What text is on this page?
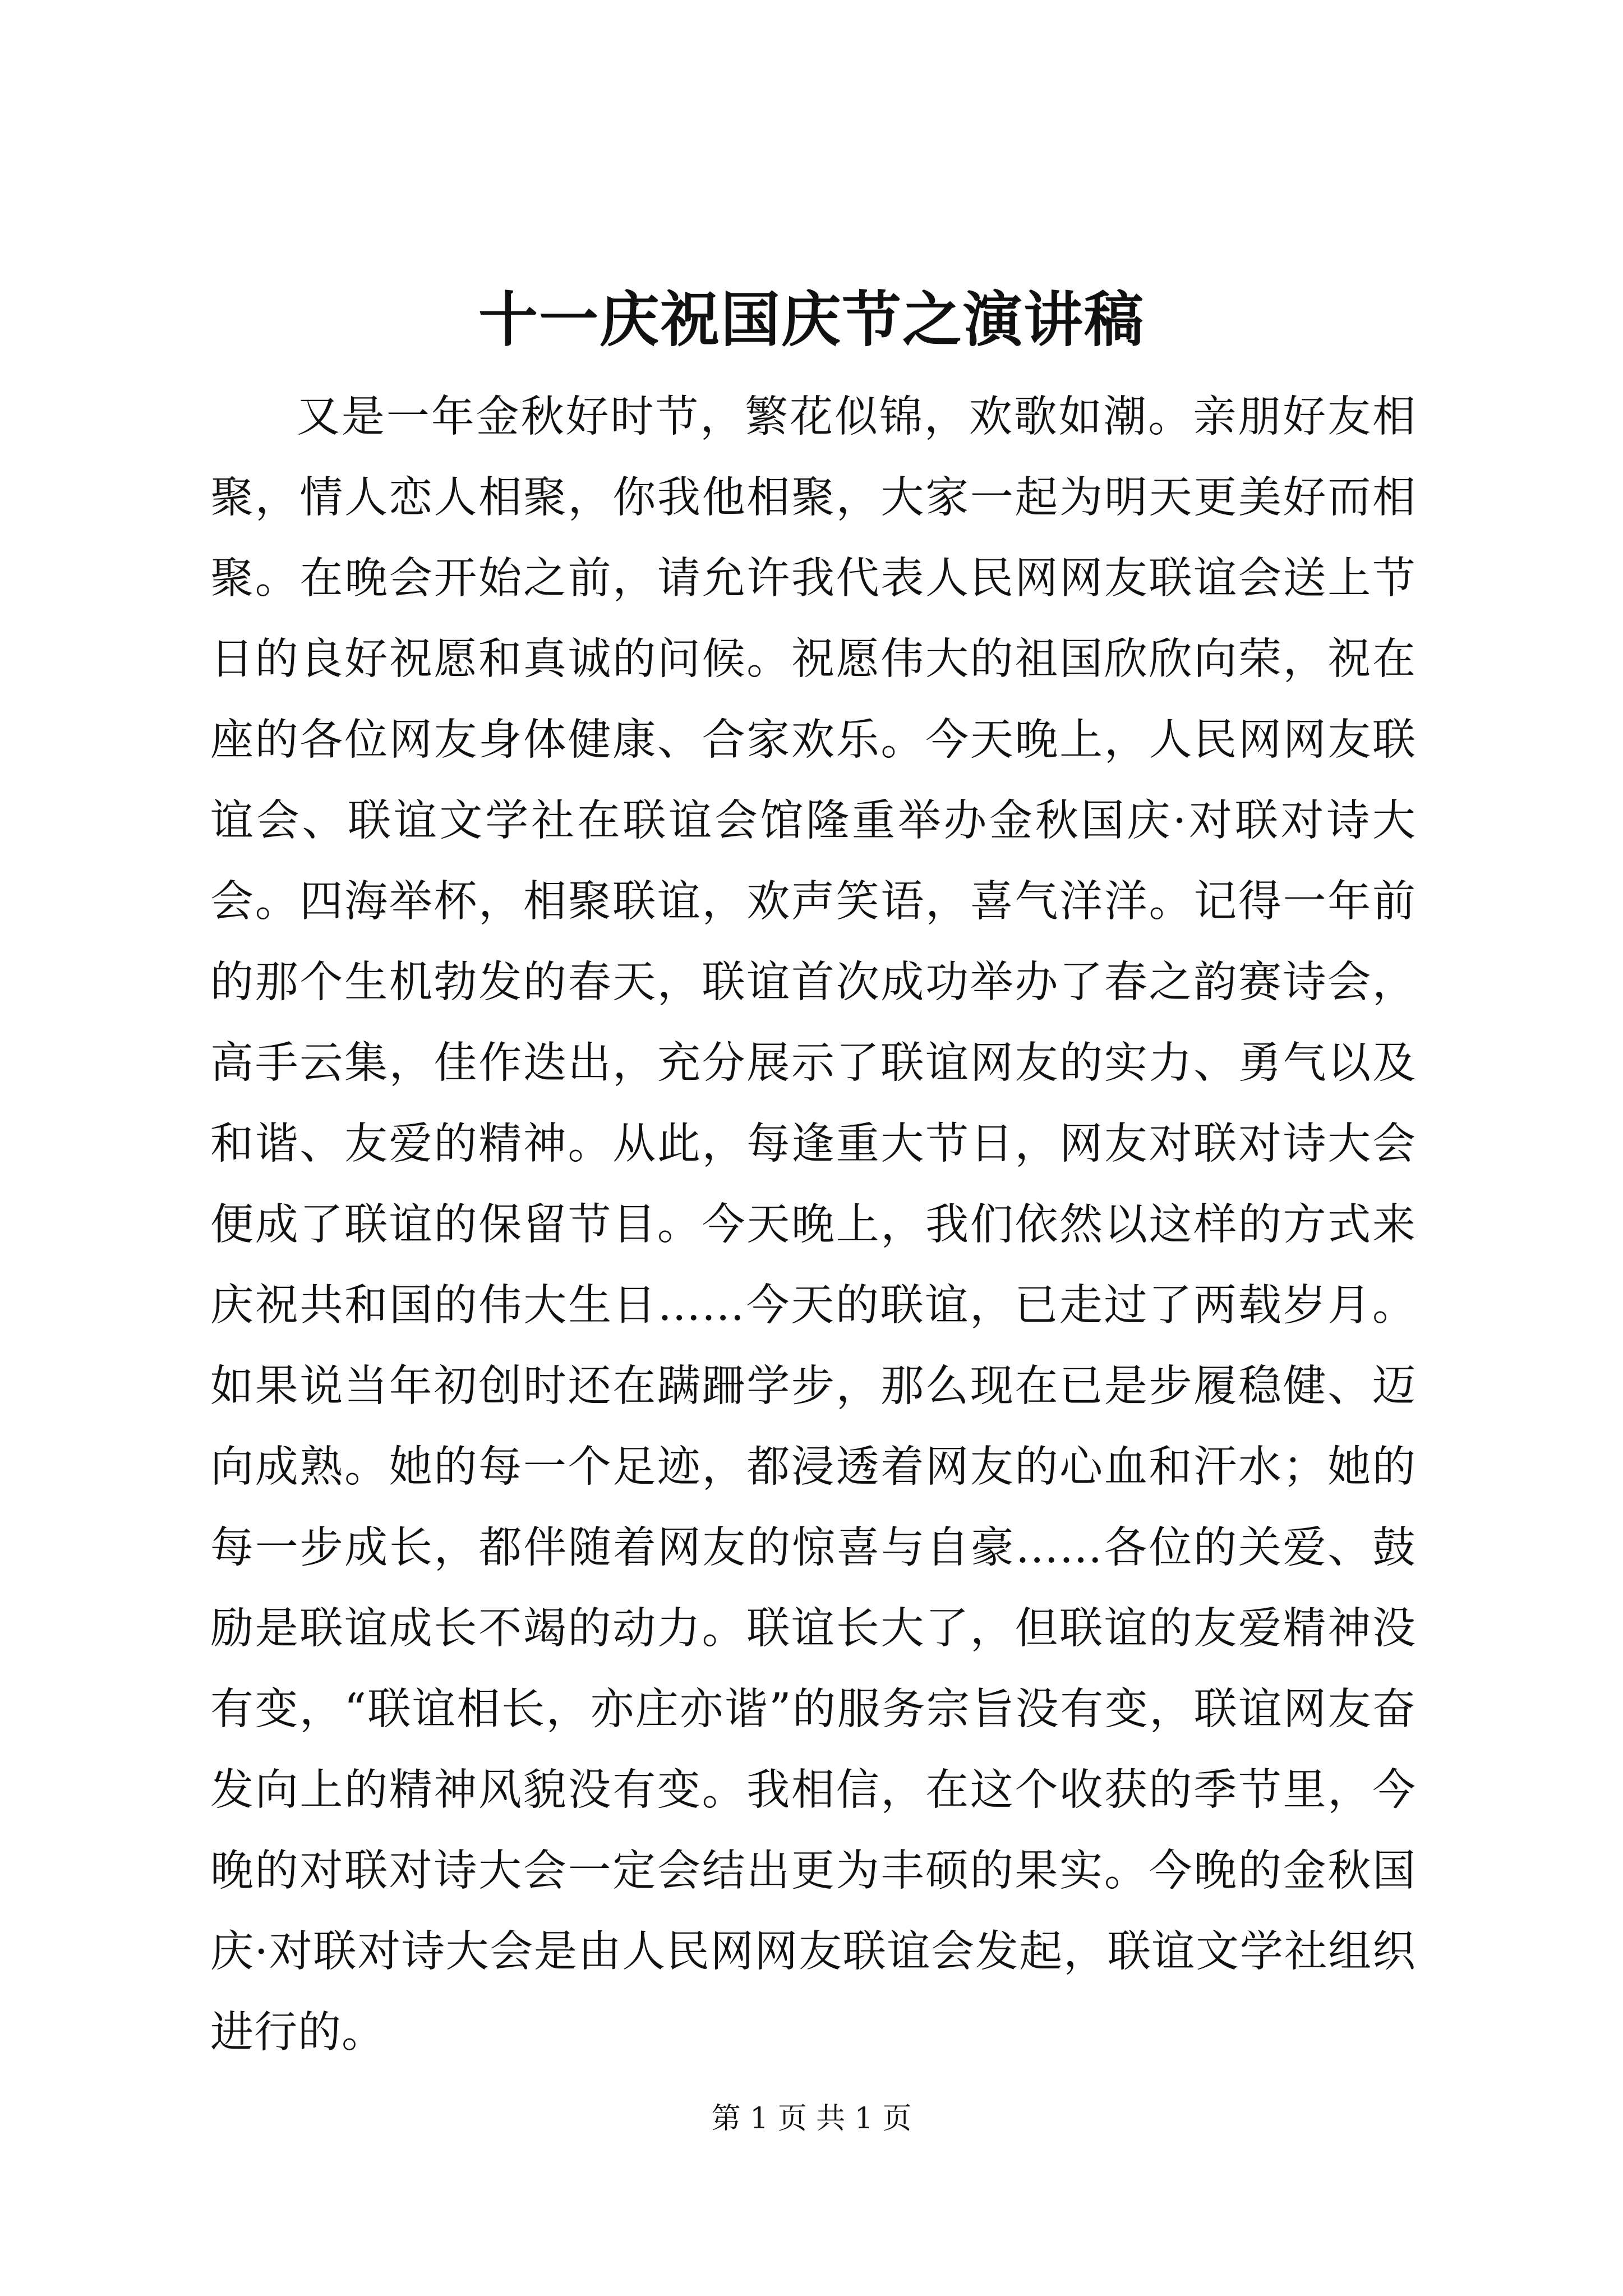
十一庆祝国庆节之演讲稿

又是一年金秋好时节，繁花似锦，欢歌如潮。亲朋好友相聚，情人恋人相聚，你我他相聚，大家一起为明天更美好而相聚。在晚会开始之前，请允许我代表人民网网友联谊会送上节日的良好祝愿和真诚的问候。祝愿伟大的祖国欣欣向荣，祝在座的各位网友身体健康、合家欢乐。今天晚上，人民网网友联谊会、联谊文学社在联谊会馆隆重举办金秋国庆·对联对诗大会。四海举杯，相聚联谊，欢声笑语，喜气洋洋。记得一年前的那个生机勃发的春天，联谊首次成功举办了春之韵赛诗会，高手云集，佳作迭出，充分展示了联谊网友的实力、勇气以及和谐、友爱的精神。从此，每逢重大节日，网友对联对诗大会便成了联谊的保留节目。今天晚上，我们依然以这样的方式来庆祝共和国的伟大生日……今天的联谊，已走过了两载岁月。如果说当年初创时还在蹒跚学步，那么现在已是步履稳健、迈向成熟。她的每一个足迹，都浸透着网友的心血和汗水；她的每一步成长，都伴随着网友的惊喜与自豪……各位的关爱、鼓励是联谊成长不竭的动力。联谊长大了，但联谊的友爱精神没有变，“联谊相长，亦庄亦谐”的服务宗旨没有变，联谊网友奋发向上的精神风貌没有变。我相信，在这个收获的季节里，今晚的对联对诗大会一定会结出更为丰硕的果实。今晚的金秋国庆·对联对诗大会是由人民网网友联谊会发起，联谊文学社组织进行的。

第 1 页 共 1 页
